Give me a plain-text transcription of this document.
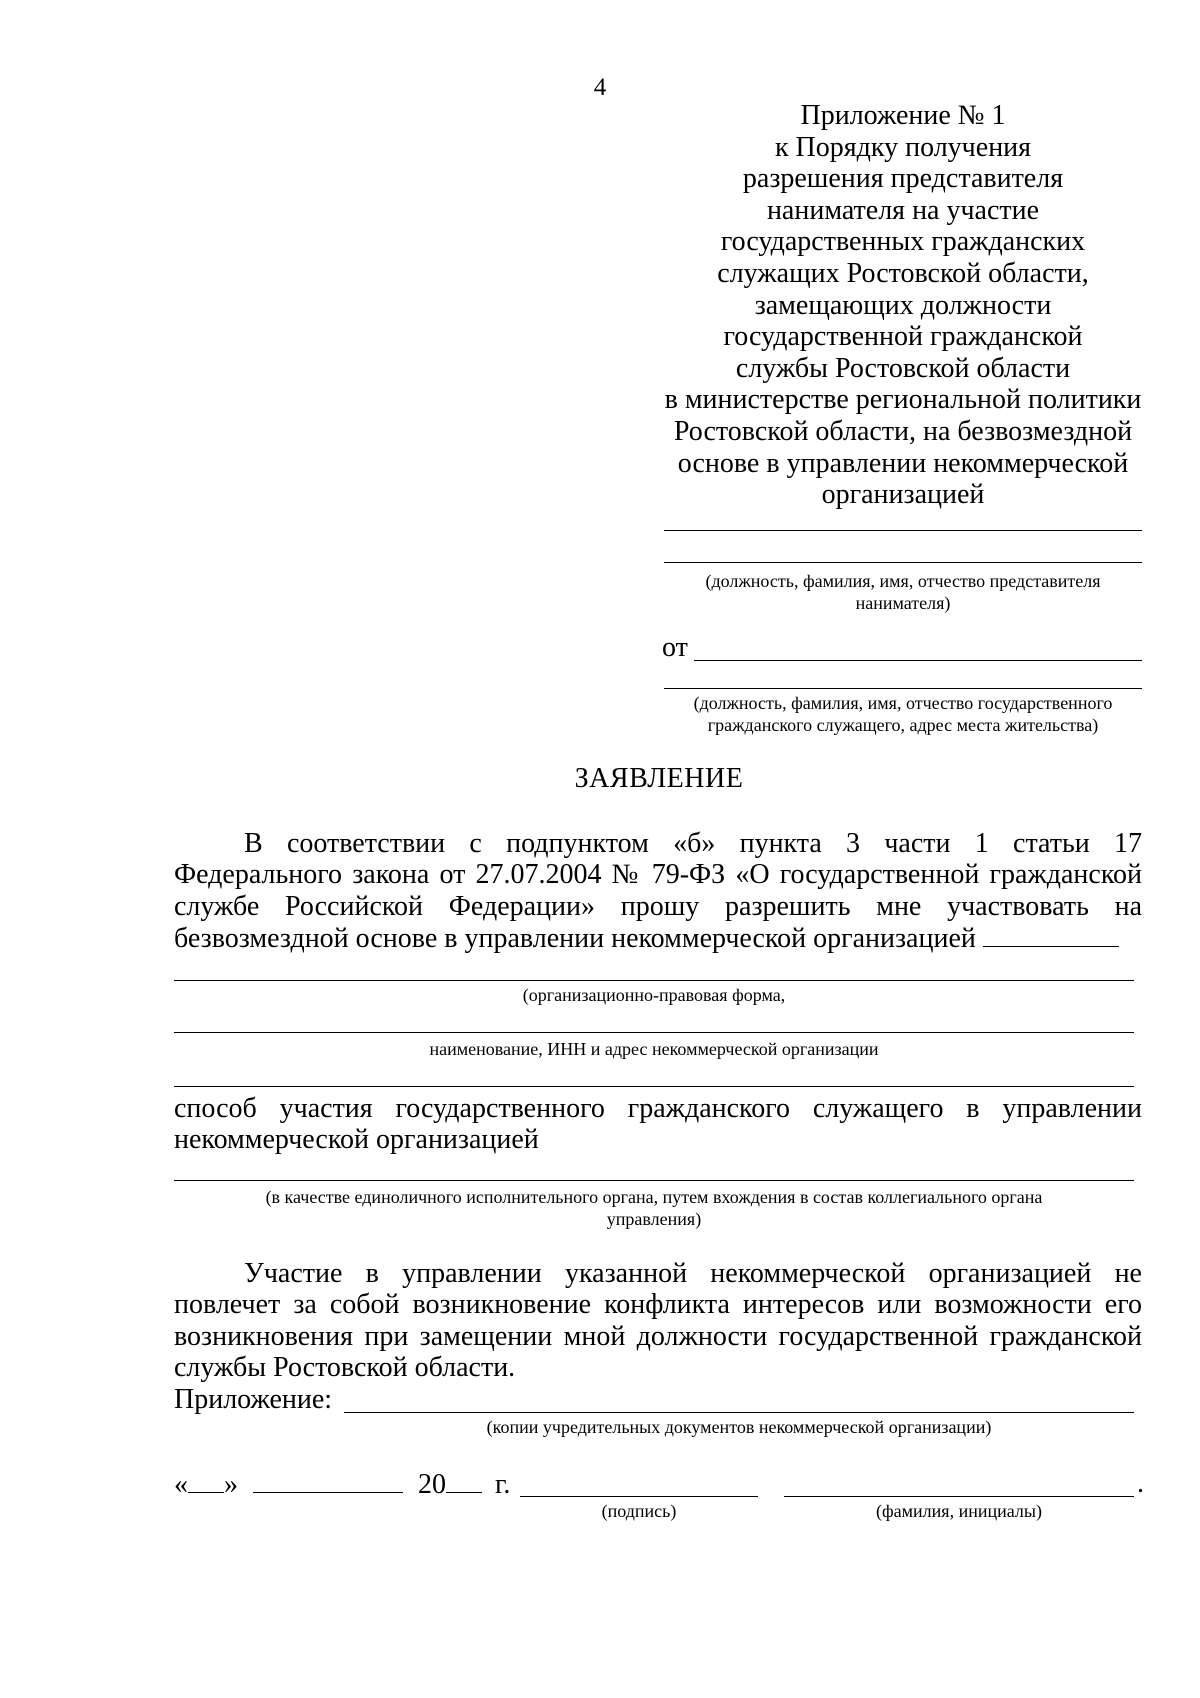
4
Приложение № 1
к Порядку получения
разрешения представителя
нанимателя на участие
государственных гражданских
служащих Ростовской области,
замещающих должности
государственной гражданской
службы Ростовской области
в министерстве региональной политики
Ростовской области, на безвозмездной
основе в управлении некоммерческой
организацией
(должность, фамилия, имя, отчество представителя
нанимателя)
от
(должность, фамилия, имя, отчество государственного
гражданского служащего, адрес места жительства)
ЗАЯВЛЕНИЕ
В соответствии с подпунктом «б» пункта 3 части 1 статьи 17 Федерального закона от 27.07.2004 № 79-ФЗ «О государственной гражданской службе Российской Федерации» прошу разрешить мне участвовать на безвозмездной основе в управлении некоммерческой организацией
(организационно-правовая форма,
наименование, ИНН и адрес некоммерческой организации
способ участия государственного гражданского служащего в управлении некоммерческой организацией
(в качестве единоличного исполнительного органа, путем вхождения в состав коллегиального органа
управления)
Участие в управлении указанной некоммерческой организацией не повлечет за собой возникновение конфликта интересов или возможности его возникновения при замещении мной должности государственной гражданской службы Ростовской области.
Приложение:
(копии учредительных документов некоммерческой организации)
« »	20 г.	.
(подпись)	(фамилия, инициалы)
